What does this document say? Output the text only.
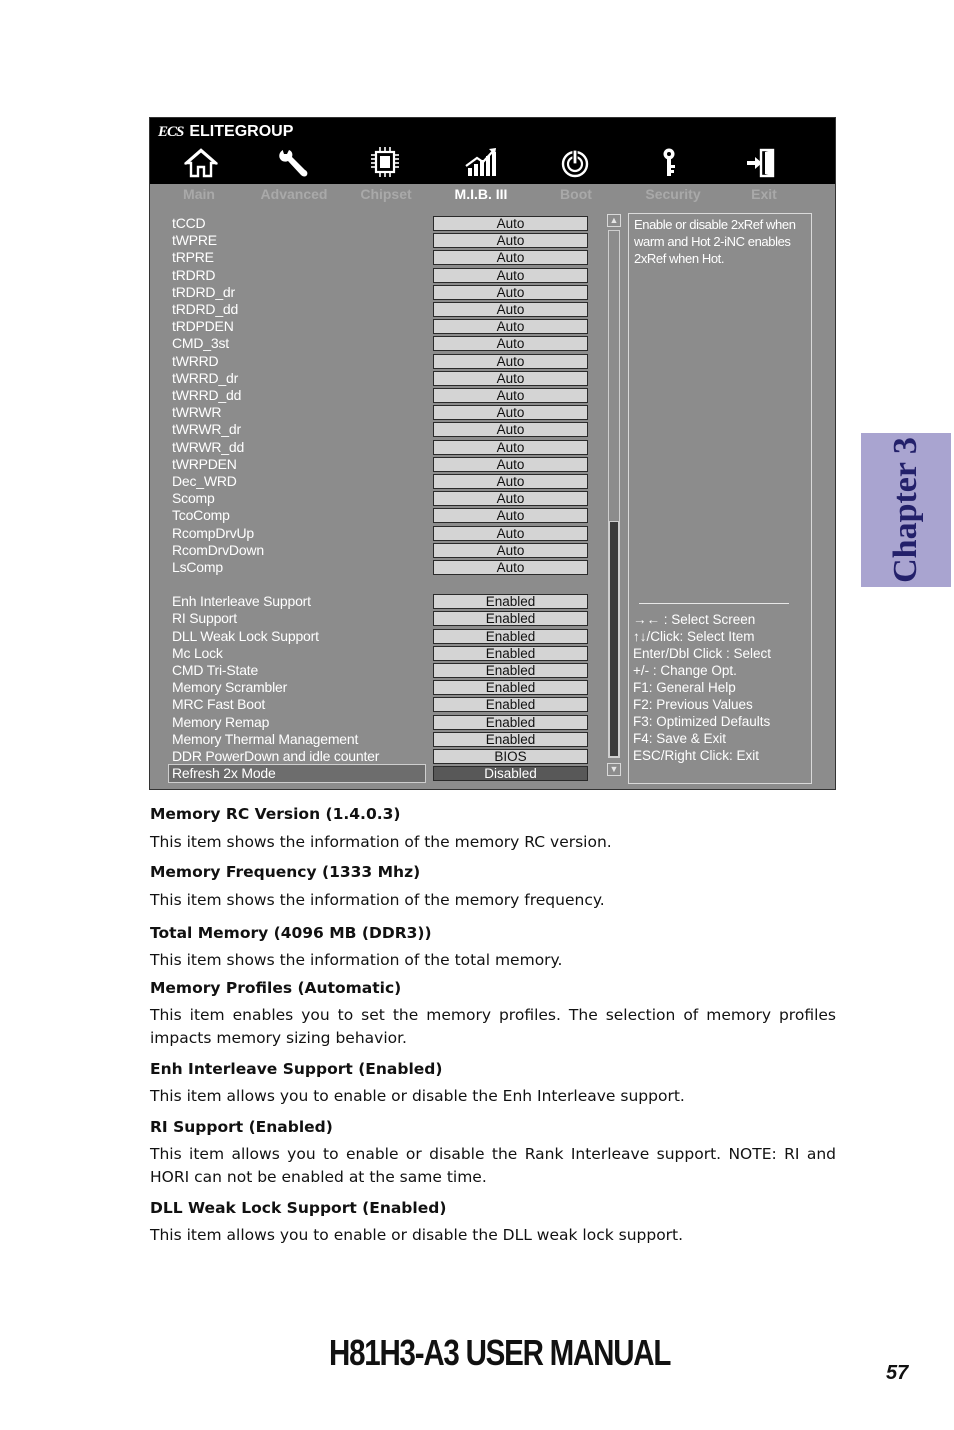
ECS ELITEGROUP
Main	Advanced Chipset	M.I.B. III	Boot	Security	Exit
tCCD	Auto
tWPRE	Auto
tRPRE	Auto
tRDRD	Auto
tRDRD_dr	Auto
tRDRD_dd	Auto
tRDPDEN	Auto
CMD_3st	Auto
tWRRD	Auto
tWRRD_dr	Auto
tWRRD_dd	Auto
tWRWR	Auto
tWRWR_dr	Auto
tWRWR_dd	Auto
tWRPDEN	Auto
Dec_WRD	Auto
Scomp	Auto
TcoComp	Auto
RcompDrvUp	Auto
RcomDrvDown	Auto
LsComp	Auto
Enh Interleave Support	Enabled
RI Support	Enabled
DLL Weak Lock Support	Enabled
Mc Lock	Enabled
CMD Tri-State	Enabled
Memory Scrambler	Enabled
MRC Fast Boot	Enabled
Memory Remap	Enabled
Memory Thermal Management	Enabled
DDR PowerDown and idle counter	BIOS
Refresh 2x Mode	Disabled
▲
▼
Enable or disable 2xRef when warm and Hot 2-iNC enables 2xRef when Hot.
→← : Select Screen
↑↓/Click: Select Item
Enter/Dbl Click : Select
+/- : Change Opt.
F1: General Help
F2: Previous Values
F3: Optimized Defaults
F4: Save & Exit
ESC/Right Click: Exit
Memory RC Version (1.4.0.3)
This item shows the information of the memory RC version.
Memory Frequency (1333 Mhz)
This item shows the information of the memory frequency.
Total Memory (4096 MB (DDR3))
This item shows the information of the total memory.
Memory Profiles (Automatic)
This item enables you to set the memory profiles. The selection of memory profiles impacts memory sizing behavior.
Enh Interleave Support (Enabled)
This item allows you to enable or disable the Enh Interleave support.
RI Support (Enabled)
This item allows you to enable or disable the Rank Interleave support. NOTE: RI and HORI can not be enabled at the same time.
DLL Weak Lock Support (Enabled)
This item allows you to enable or disable the DLL weak lock support.
Chapter 3
H81H3-A3 USER MANUAL	57
